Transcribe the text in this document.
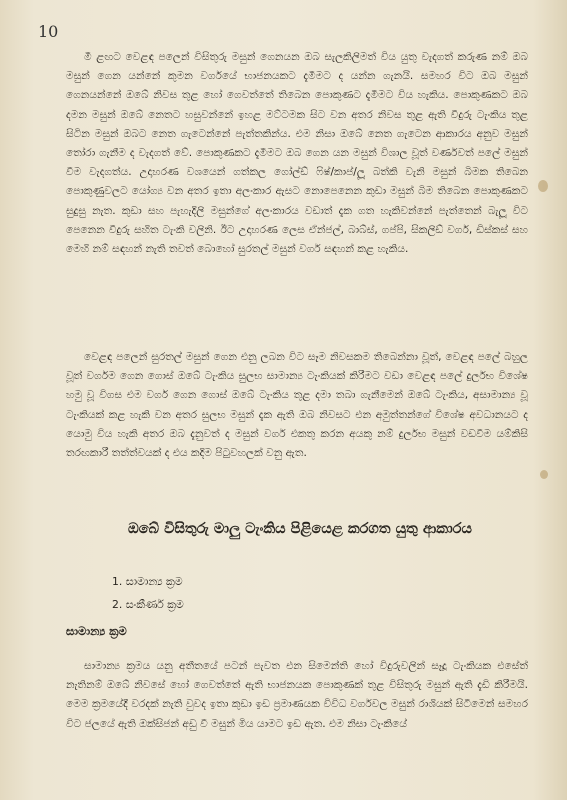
10

මී ළඟට වෙළඳ පලෙන් විසිතුරු මසුන් ගෙනයන ඔබ සැලකිලිමත් විය යුතු වැදගත් කරුණ නම් ඔබ මසුන් ගෙන යන්නේ කුමන වර්ගයේ භාජනයකට දැමීමට ද යන්න ගැනයි. සමහර විට ඔබ මසුන් ගෙනයන්නේ ඔබේ නිවස තුළ හෝ ගෙවත්තේ තිබෙන පොකුණට දැමීමට විය හැකිය. පොකුණකට ඔබ දමන මසුන් ඔබේ නෙතට හසුවන්නේ ඉහළ මට්ටමක සිට වන අතර නිවස තුළ ඇති වීදුරු ටැංකිය තුළ සිටින මසුන් ඔබට නෙත ගැටෙන්නේ පැත්තකින්ය. එම නිසා ඔබේ නෙත ගැටෙන ආකාරය අනුව මසුන් තෝරා ගැනීම ද වැදගත් වේ. පොකුණකට දැමීමට ඔබ ගෙන යන මසුන් විශාල වූත් වර්ණවත් පලේ මසුන් වීම වැදගත්ය. උදාහරණ වශයෙන් ගත්කල ගෝල්ඩ් ෆිෂ්/කාප්/ලූ බත්කි වැනි මසුන් බිමක තිබෙන පොකුණුවලට යෝග්‍ය වන අතර ඉතා අලංකාර ඇසට නොපෙනෙන කුඩා මසුන් බිම තිබෙන පොකුණකට සුදුසු නැත. කුඩා සහ පැහැදිලි මසුන්ගේ අලංකාරය වඩාත් දැක ගත හැකිවන්නේ පැත්තෙන් බැලූ විට පෙනෙන වීදුරු සහිත ටැංකි වලිනි. ඊට උදාහරණ ලෙස ඒන්ජල්, බාබ්ස්, ගප්පි, සිකලිඩ් වර්ග, ඩිස්කස් සහ මෙහි නම් සඳහන් නැති තවත් බොහෝ සුරතල් මසුන් වර්ග සඳහන් කළ හැකිය.

වෙළඳ පලෙන් සුරතල් මසුන් ගෙන එනු ලබන විට සෑම නිවසකම තිබෙන්නා වූත්, වෙළඳ පලේ බහුල වූත් වර්ගම ගෙන ගොස් ඔබේ ටැංකිය සුලභ සාමාන්‍ය ටැංකියක් කිරීමට වඩා වෙළඳ පලේ දුර්ලභ විශේෂ හමු වූ විගස එම වර්ග ගෙන ගොස් ඔබේ ටැංකිය තුළ දමා තබා ගැනීමෙන් ඔබේ ටැංකිය, අසාමාන්‍ය වූ ටැංකියක් කළ හැකි වන අතර සුලභ මසුන් දැක ඇති ඔබ නිවසට එන අමුත්තන්ගේ විශේෂ අවධානයට ද යොමු විය හැකි අතර ඔබ දැනුවත් ද මසුන් වර්ග එකතු කරන අයකු නම් දුර්ලභ මසුන් වඩවීම යම්කිසි තරඟකාරී තත්ත්වයක් ද එය කදිම පිටුවහලක් වනු ඇත.

ඔබේ විසිතුරු මාලු ටැංකිය පිළියෙළ කරගත යුතු ආකාරය
1. සාමාන්‍ය ක්‍රම
2. සංකීර්ණ ක්‍රම
සාමාන්‍ය ක්‍රම

සාමාන්‍ය ක්‍රමය යනු අතීතයේ පටන් පැවත එන සිමෙන්ති හෝ විදුරුවලින් සෑදූ ටැංකියක එසේත් නැතිනම් ඔබේ නිවසේ හෝ ගෙවත්තේ ඇති භාජනයක පොකුණක් තුළ විසිතුරු මසුන් ඇති දැඩි කිරීමයි. මෙම ක්‍රමයේදී වරදක් නැති වුවද ඉතා කුඩා ඉඩ ප්‍රමාණයක විවිධ වර්ගවල මසුන් රාශියක් සිටීමෙන් සමහර විට ජලයේ ඇති ඔක්සිජන් අඩු වී මසුන් මිය යාමට ඉඩ ඇත. එම නිසා ටැංකියේ
